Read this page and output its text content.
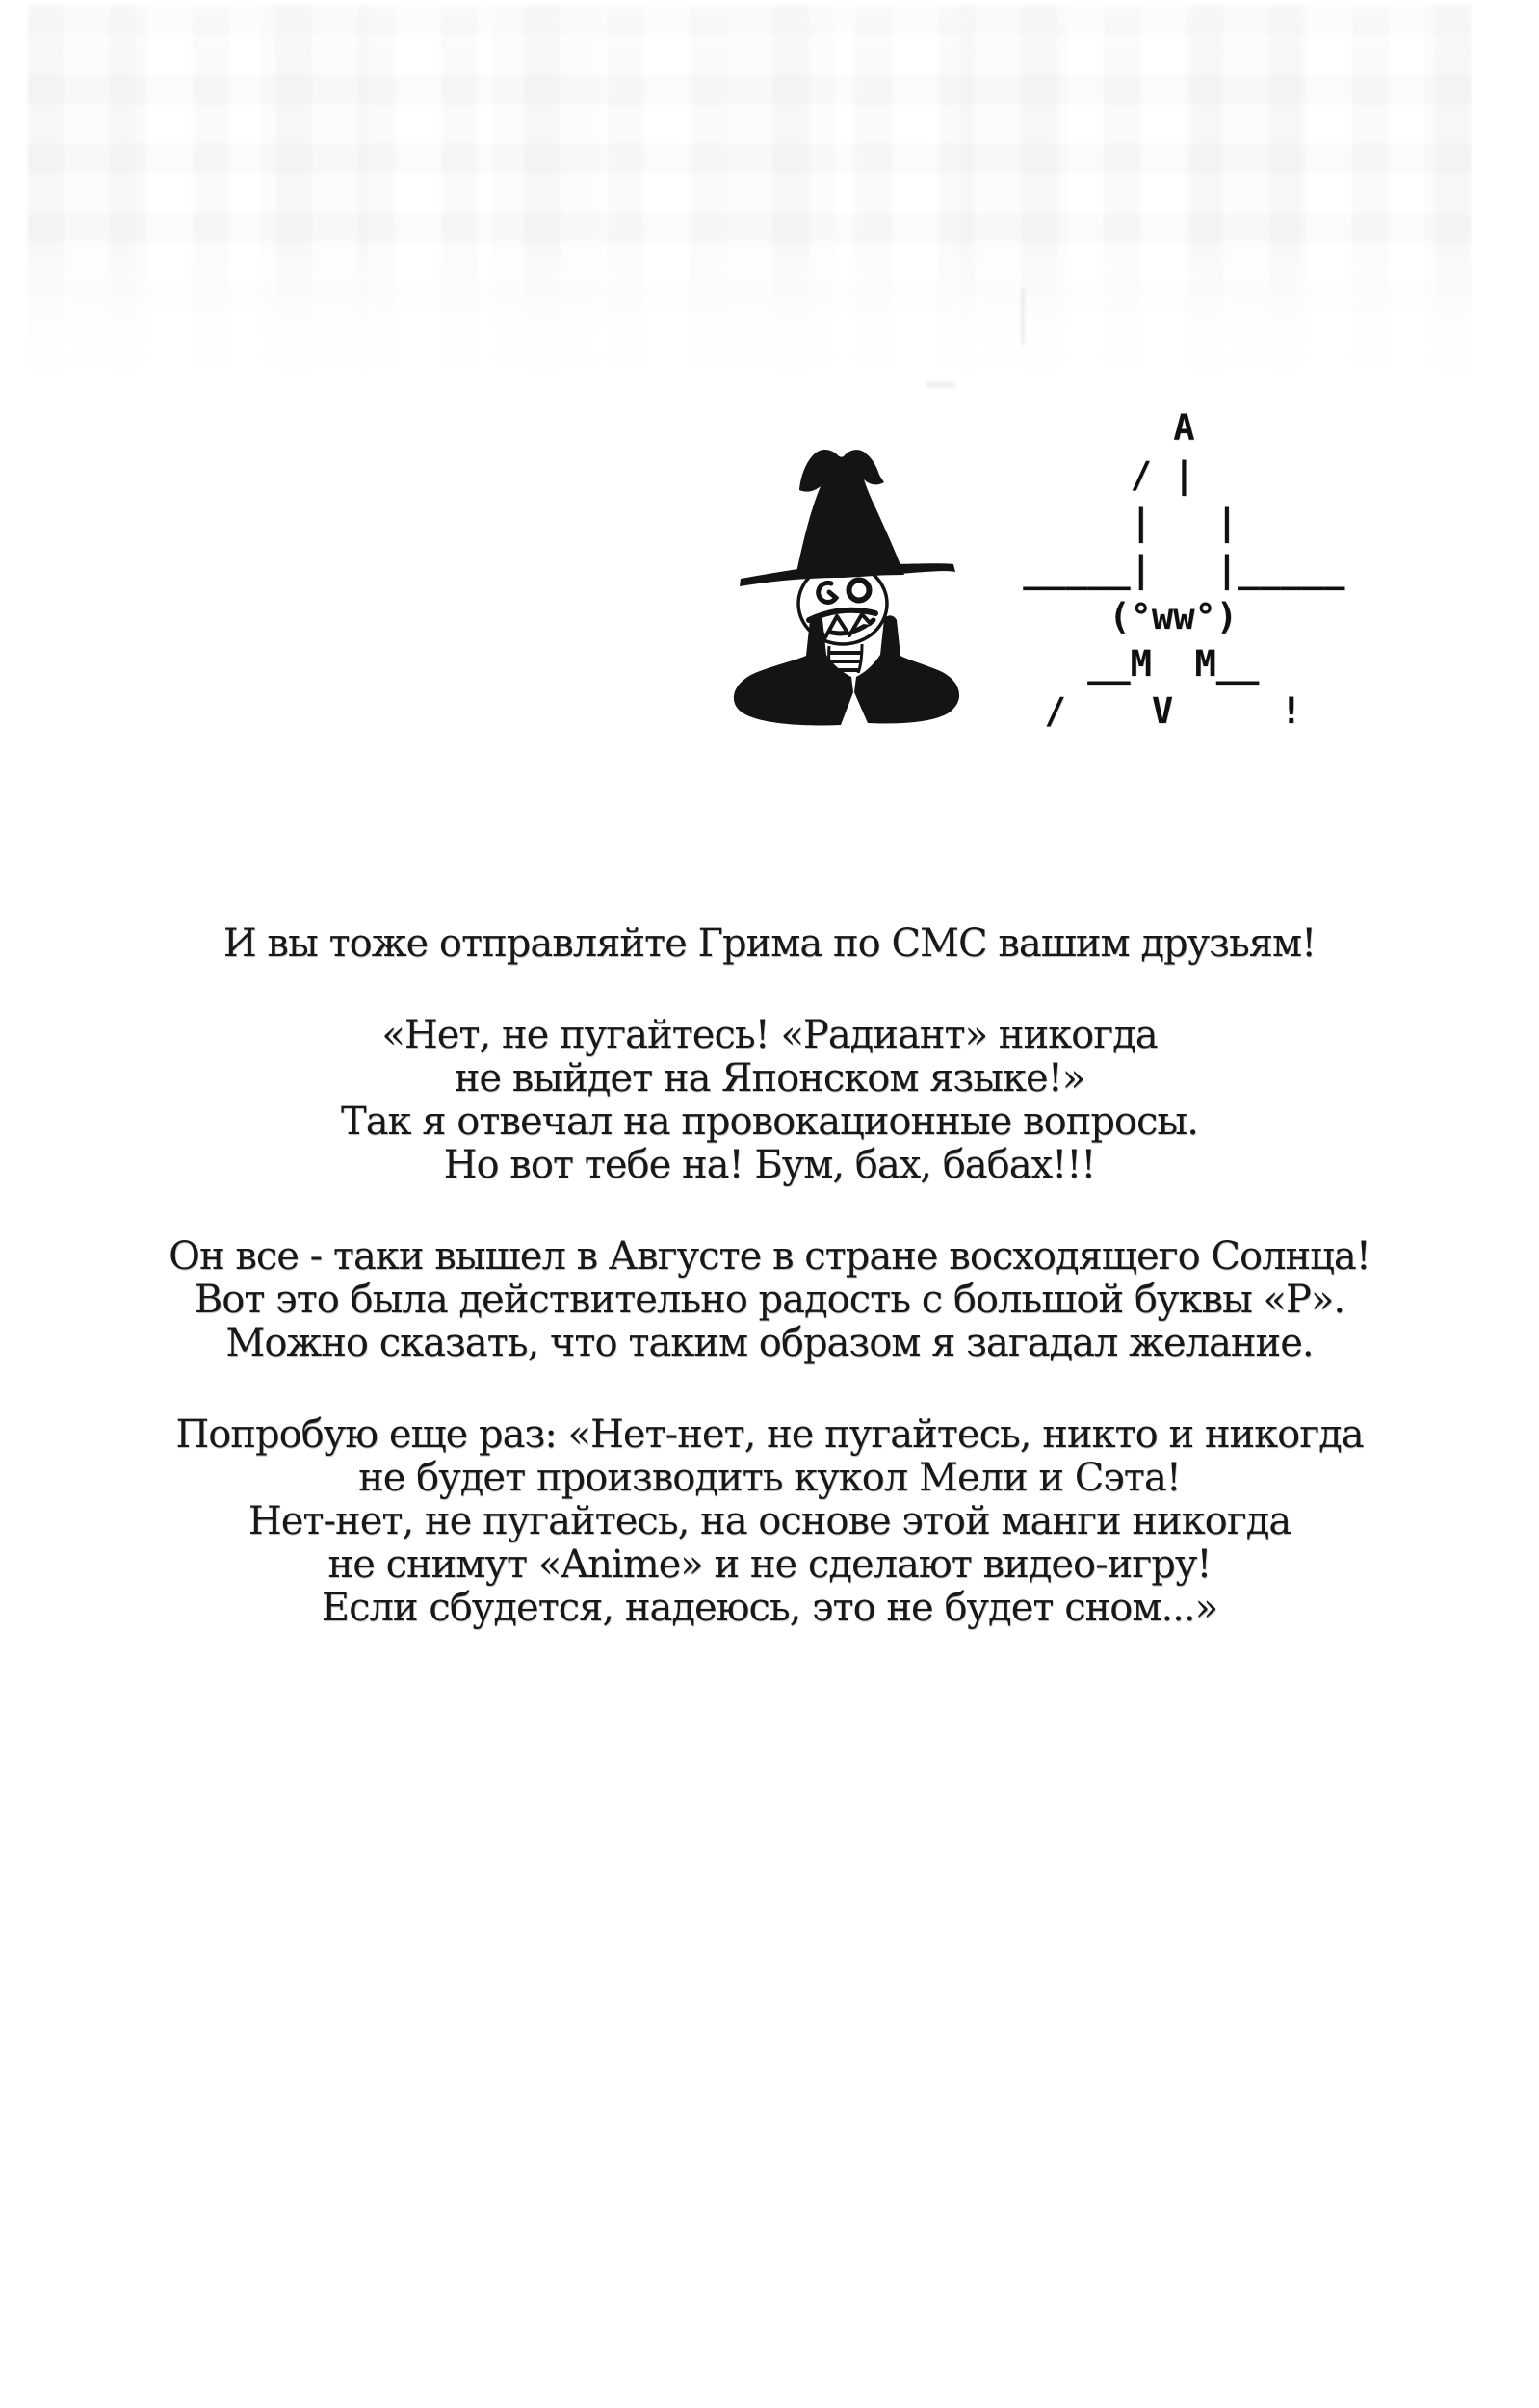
A
/ |
|   |
_____|   |_____
(°ww°)
__M  M__
/    V     !

И вы тоже отправляйте Грима по СМС вашим друзьям!

«Нет, не пугайтесь! «Радиант» никогда
не выйдет на Японском языке!»
Так я отвечал на провокационные вопросы.
Но вот тебе на! Бум, бах, бабах!!!

Он все - таки вышел в Августе в стране восходящего Солнца!
Вот это была действительно радость с большой буквы «Р».
Можно сказать, что таким образом я загадал желание.

Попробую еще раз: «Нет-нет, не пугайтесь, никто и никогда
не будет производить кукол Мели и Сэта!
Нет-нет, не пугайтесь, на основе этой манги никогда
не снимут «Anime» и не сделают видео-игру!
Если сбудется, надеюсь, это не будет сном...»
